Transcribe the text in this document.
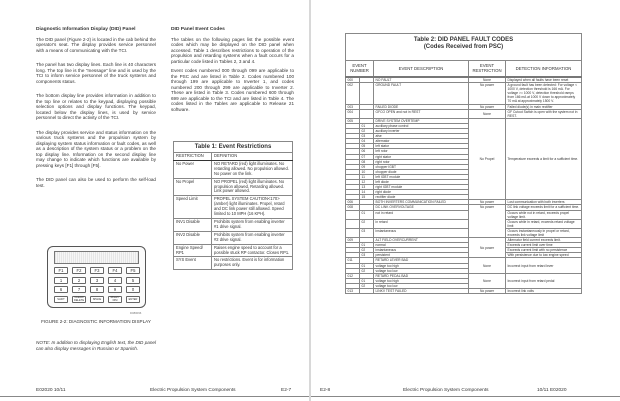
Diagnostic Information Display (DID) Panel

The DID panel (Figure 2-2) is located in the cab behind the operator's seat. The display provides service personnel with a means of communicating with the TCI.

The panel has two display lines. Each line is 40 characters long. The top line is the "message" line and is used by the TCI to inform service personnel of the truck systems and components status.

The bottom display line provides information in addition to the top line or relates to the keypad, displaying possible selection options and display functions. The keypad, located below the display lines, is used by service personnel to direct the activity of the TCI.

The display provides service and status information on the various truck systems and the propulsion system by displaying system status information or fault codes, as well as a description of the system status or a problem on the top display line. Information on the second display line may change to indicate which functions are available by pressing keys [F1] through [F5].

The DID panel can also be used to perform the self-load test.

F1	F2	F3	F4	F5
1	2	3	4	5
6	7	8	9	0
SHIFT
CLEAR/ DELETE	SPACE
RIGHT/ DIM	ENTER
D080096
FIGURE 2-2: DIAGNOSTIC INFORMATION DISPLAY
NOTE: In addition to displaying English text, the DID panel can also display messages in Russian or Spanish.
DID Panel Event Codes

The tables on the following pages list the possible event codes which may be displayed on the DID panel when accessed. Table 1 describes restrictions to operation of the propulsion and retarding systems when a fault occurs for a particular code listed in Tables 2, 3 and 4.

Event codes numbered 000 through 099 are applicable to the PSC and are listed in Table 2. Codes numbered 100 through 199 are applicable to Inverter 1, and codes numbered 200 through 299 are applicable to Inverter 2. These are listed in Table 3. Codes numbered 600 through 699 are applicable to the TCI and are listed in Table 4. The codes listed in the Tables are applicable to Release 21 software.

Table 1: Event Restrictions	
RESTRICTION	DEFINITION
No Power	NO RETARD (red) light illuminates. No retarding allowed. No propulsion allowed. No power on the link.
No Propel	NO PROPEL (red) light illuminates. No propulsion allowed. Retarding allowed. Link power allowed.
Speed Limit	PROPEL SYSTEM CAUTION<170> (amber) light illuminates. Propel, retard and DC link power still allowed. Speed limited to 10 MPH (16 KPH).
INV1 Disable	Prohibits system from enabling inverter #1 drive signal.
INV2 Disable	Prohibits system from enabling inverter #2 drive signal.
Engine Speed/ RP1	Raises engine speed to account for a possible stuck RP contactor. Closes RP1.
SYS Event	No restrictions. Event is for information purposes only.
E02020 10/11	Electric Propulsion System Components	E2-7
Table 2: DID PANEL FAULT CODES
(Codes Received from PSC)				

EVENT NUMBER		EVENT DESCRIPTION	EVENT RESTRICTION	DETECTION INFORMATION
000		NO FAULT	None	Displayed when all faults have been reset
002		GROUND FAULT	No power	A ground fault has been detected: For voltage < 1000 V, detection threshold is 166 mA. For voltage >= 1000 V, detection threshold ramps from 166 mA at 1000 V down to approximately 70 mA at approximately 1500 V.
003		FAILED DIODE	No power	Failed diode(s) in main rectifier
004		GFCO OPEN and not in REST	None	GF Cutout Switch is open with the system not in REST.
005		DRIVE SYSTEM OVERTEMP	No Propel	Temperature exceeds a limit for a sufficient time.
	01	auxiliary phase control		
	02	auxiliary inverter		
	03	afse		
	04	alternator		
	05	left stator		
	06	left rotor		
	07	right stator		
	08	right rotor		
	09	chopper IGBT		
	10	chopper diode		
	11	left IGBT module		
	12	left diode		
	13	right IGBT module		
	14	right diode		
	15	rectifier diode		
006		BOTH INVERTERS COMMUNICATION FAILED	No power	Lost communication with both inverters
008		DC LINK OVERVOLTAGE	No power	DC link voltage exceeds limit for a sufficient time.
	01	not in retard		Occurs while not in retard, exceeds propel voltage limit.
	02	in retard		Occurs while in retard, exceeds retard voltage limit
	03	instantaneous		Occurs instantaneously in propel or retard, exceeds link voltage limit
009		ALT FIELD OVERCURRENT	No power	Alternator field current exceeds limit.
	01	normal		Exceeds current limit over time
	02	instantaneous		Exceeds current limit with no persistence
	03	persistent		With persistence due to low engine speed
011		RETARD LEVER BAD	None	Incorrect input from retard lever
	01	voltage too high		
	02	voltage too low		
012		RETARD PEDAL BAD	None	Incorrect input from retard pedal
	01	voltage too high		
	02	voltage too low		
013		LINKV TEST FAILED	No power	Incorrect link volts
E2-8	Electric Propulsion System Components	10/11 E02020
